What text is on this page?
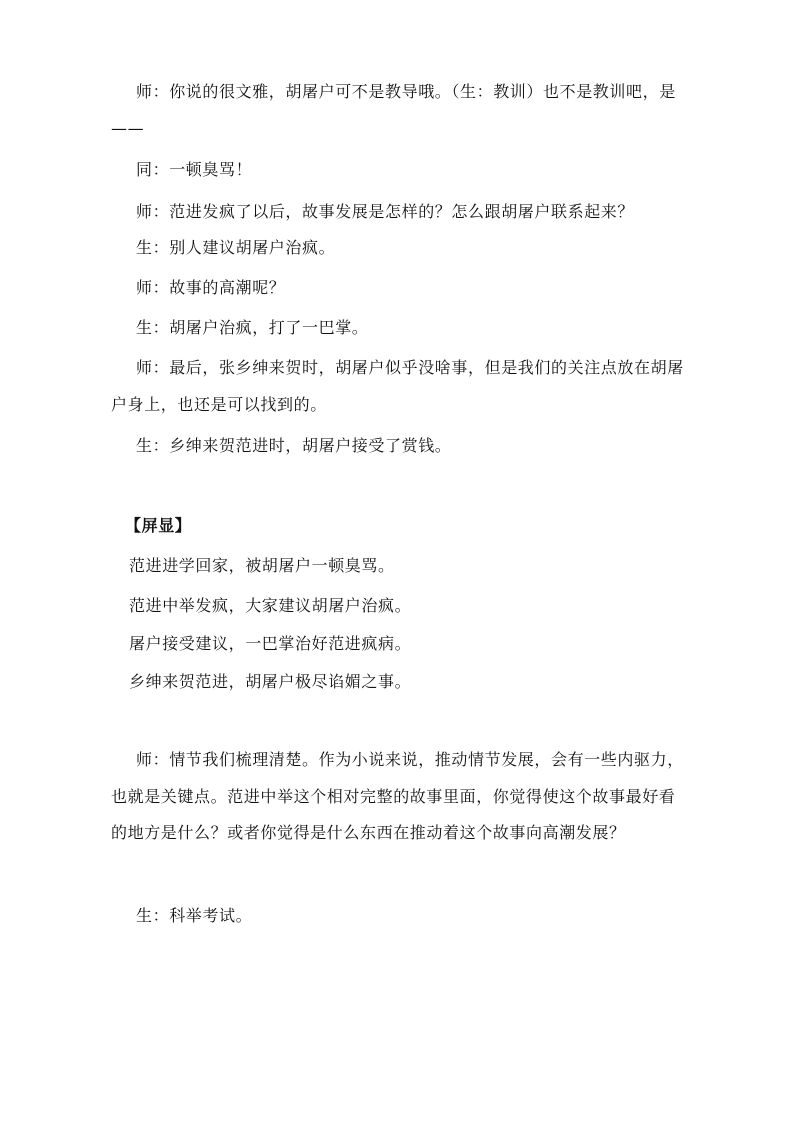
师：你说的很文雅，胡屠户可不是教导哦。（生：教训）也不是教训吧，是——

同：一顿臭骂！

师：范进发疯了以后，故事发展是怎样的？怎么跟胡屠户联系起来？

生：别人建议胡屠户治疯。

师：故事的高潮呢？

生：胡屠户治疯，打了一巴掌。

师：最后，张乡绅来贺时，胡屠户似乎没啥事，但是我们的关注点放在胡屠户身上，也还是可以找到的。

生：乡绅来贺范进时，胡屠户接受了赏钱。

【屏显】

范进进学回家，被胡屠户一顿臭骂。

范进中举发疯，大家建议胡屠户治疯。

屠户接受建议，一巴掌治好范进疯病。

乡绅来贺范进，胡屠户极尽谄媚之事。

师：情节我们梳理清楚。作为小说来说，推动情节发展，会有一些内驱力，也就是关键点。范进中举这个相对完整的故事里面，你觉得使这个故事最好看的地方是什么？或者你觉得是什么东西在推动着这个故事向高潮发展？

生：科举考试。
